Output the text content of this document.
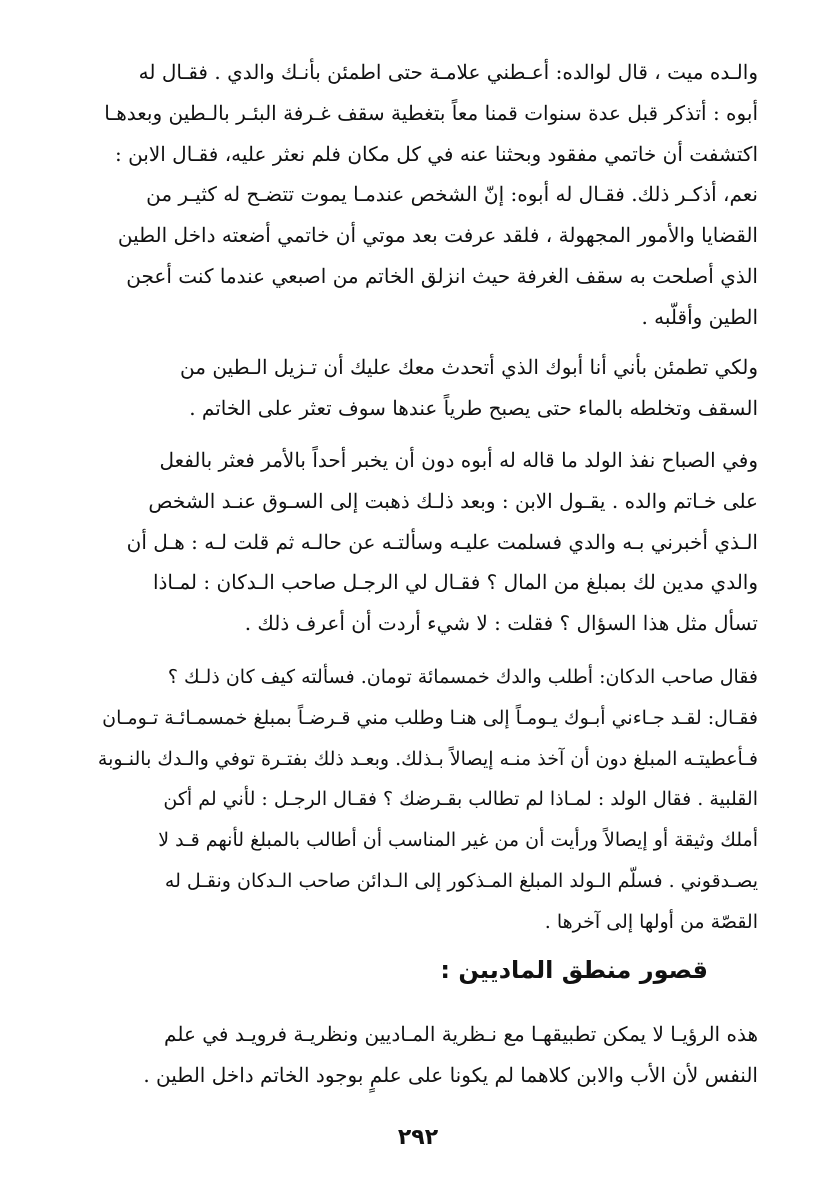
والـده ميت ، قال لوالده: أعـطني علامـة حتى اطمئن بأنـك والدي . فقـال له

أبوه : أتذكر قبل عدة سنوات قمنا معاً بتغطية سقف غـرفة البئـر بالـطين وبعدهـا

اكتشفت أن خاتمي مفقود وبحثنا عنه في كل مكان فلم نعثر عليه، فقـال الابن :

نعم، أذكـر ذلك. فقـال له أبوه: إنّ الشخص عندمـا يموت تتضـح له كثيـر من

القضايا والأمور المجهولة ، فلقد عرفت بعد موتي أن خاتمي أضعته داخل الطين

الذي أصلحت به سقف الغرفة حيث انزلق الخاتم من اصبعي عندما كنت أعجن

الطين وأقلّبه .

ولكي تطمئن بأني أنا أبوك الذي أتحدث معك عليك أن تـزيل الـطين من

السقف وتخلطه بالماء حتى يصبح طرياً عندها سوف تعثر على الخاتم .

وفي الصباح نفذ الولد ما قاله له أبوه دون أن يخبر أحداً بالأمر فعثر بالفعل

على خـاتم والده . يقـول الابن : وبعد ذلـك ذهبت إلى السـوق عنـد الشخص

الـذي أخبرني بـه والدي فسلمت عليـه وسألتـه عن حالـه ثم قلت لـه : هـل أن

والدي مدين لك بمبلغ من المال ؟ فقـال لي الرجـل صاحب الـدكان : لمـاذا

تسأل مثل هذا السؤال ؟ فقلت : لا شيء أردت أن أعرف ذلك .

فقال صاحب الدكان: أطلب والدك خمسمائة تومان. فسألته كيف كان ذلـك ؟

فقـال: لقـد جـاءني أبـوك يـومـاً إلى هنـا وطلب مني قـرضـاً بمبلغ خمسمـائـة تـومـان

فـأعطيتـه المبلغ دون أن آخذ منـه إيصالاً بـذلك. وبعـد ذلك بفتـرة توفي والـدك بالنـوبة

القلبية . فقال الولد : لمـاذا لم تطالب بقـرضك ؟ فقـال الرجـل : لأني لم أكن

أملك وثيقة أو إيصالاً ورأيت أن من غير المناسب أن أطالب بالمبلغ لأنهم قـد لا

يصـدقوني . فسلّم الـولد المبلغ المـذكور إلى الـدائن صاحب الـدكان ونقـل له

القصّة من أولها إلى آخرها .

قصور منطق الماديين :

هذه الرؤيـا لا يمكن تطبيقهـا مع نـظرية المـاديين ونظريـة فرويـد في علم

النفس لأن الأب والابن كلاهما لم يكونا على علمٍ بوجود الخاتم داخل الطين .

٢٩٢
